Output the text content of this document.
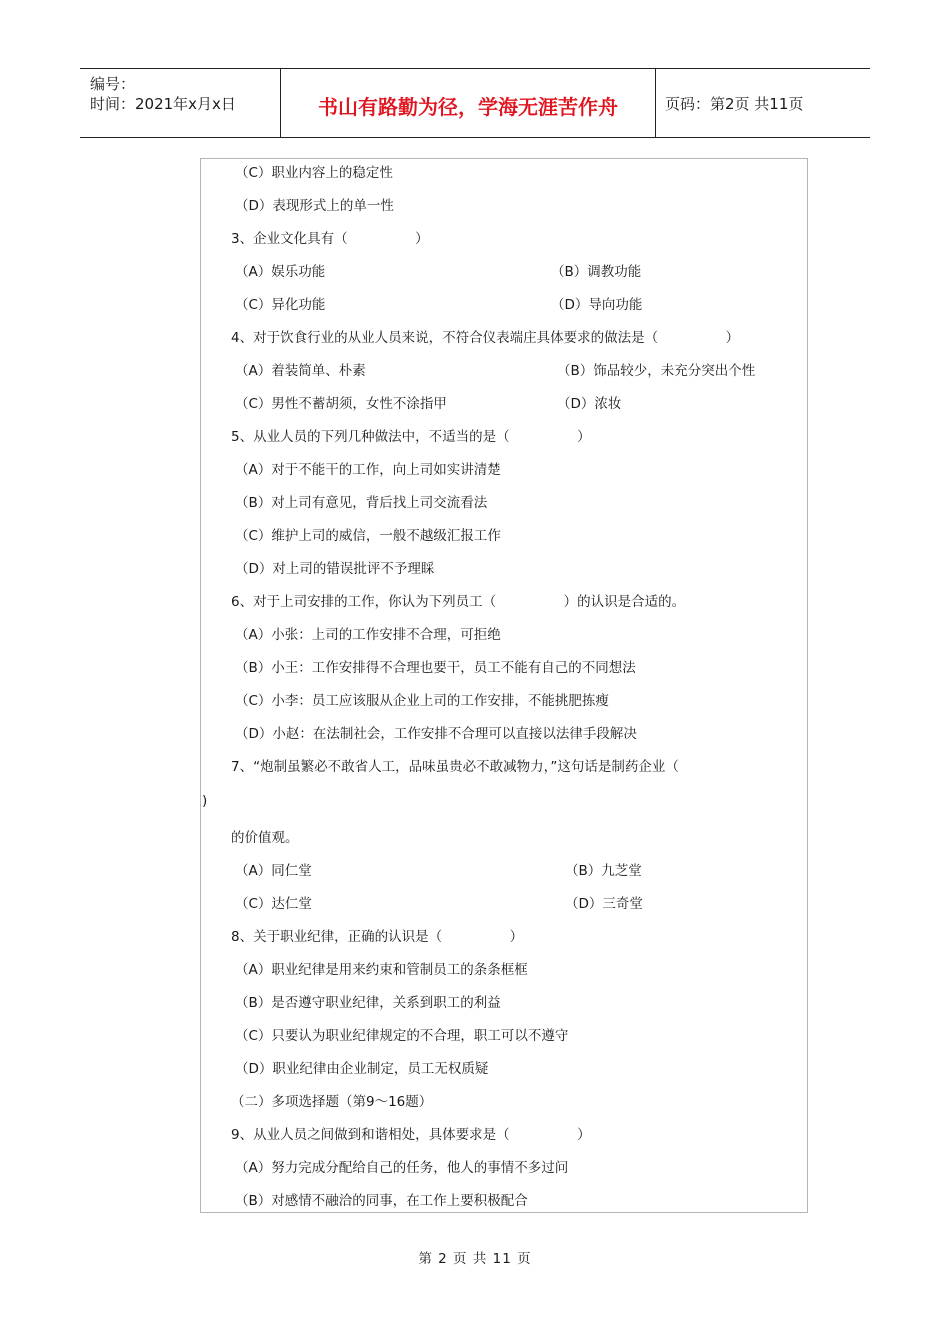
编号：
时间：2021年x月x日	书山有路勤为径，学海无涯苦作舟	页码：第2页 共11页
（C）职业内容上的稳定性
（D）表现形式上的单一性
3、企业文化具有（　　　　　）
（A）娱乐功能	（B）调教功能
（C）异化功能	（D）导向功能
4、对于饮食行业的从业人员来说，不符合仪表端庄具体要求的做法是（　　　　　）
（A）着装简单、朴素	（B）饰品较少，未充分突出个性
（C）男性不蓄胡须，女性不涂指甲	（D）浓妆
5、从业人员的下列几种做法中，不适当的是（　　　　　）
（A）对于不能干的工作，向上司如实讲清楚
（B）对上司有意见，背后找上司交流看法
（C）维护上司的威信，一般不越级汇报工作
（D）对上司的错误批评不予理睬
6、对于上司安排的工作，你认为下列员工（　　　　　）的认识是合适的。
（A）小张：上司的工作安排不合理，可拒绝
（B）小王：工作安排得不合理也要干，员工不能有自己的不同想法
（C）小李：员工应该服从企业上司的工作安排，不能挑肥拣瘦
（D）小赵：在法制社会，工作安排不合理可以直接以法律手段解决
7、“炮制虽繁必不敢省人工，品味虽贵必不敢减物力，”这句话是制药企业（
)
的价值观。
（A）同仁堂	（B）九芝堂
（C）达仁堂	（D）三奇堂
8、关于职业纪律，正确的认识是（　　　　　）
（A）职业纪律是用来约束和管制员工的条条框框
（B）是否遵守职业纪律，关系到职工的利益
（C）只要认为职业纪律规定的不合理，职工可以不遵守
（D）职业纪律由企业制定，员工无权质疑
（二）多项选择题（第9～16题）
9、从业人员之间做到和谐相处，具体要求是（　　　　　）
（A）努力完成分配给自己的任务，他人的事情不多过问
（B）对感情不融洽的同事，在工作上要积极配合
第 2 页 共 11 页
